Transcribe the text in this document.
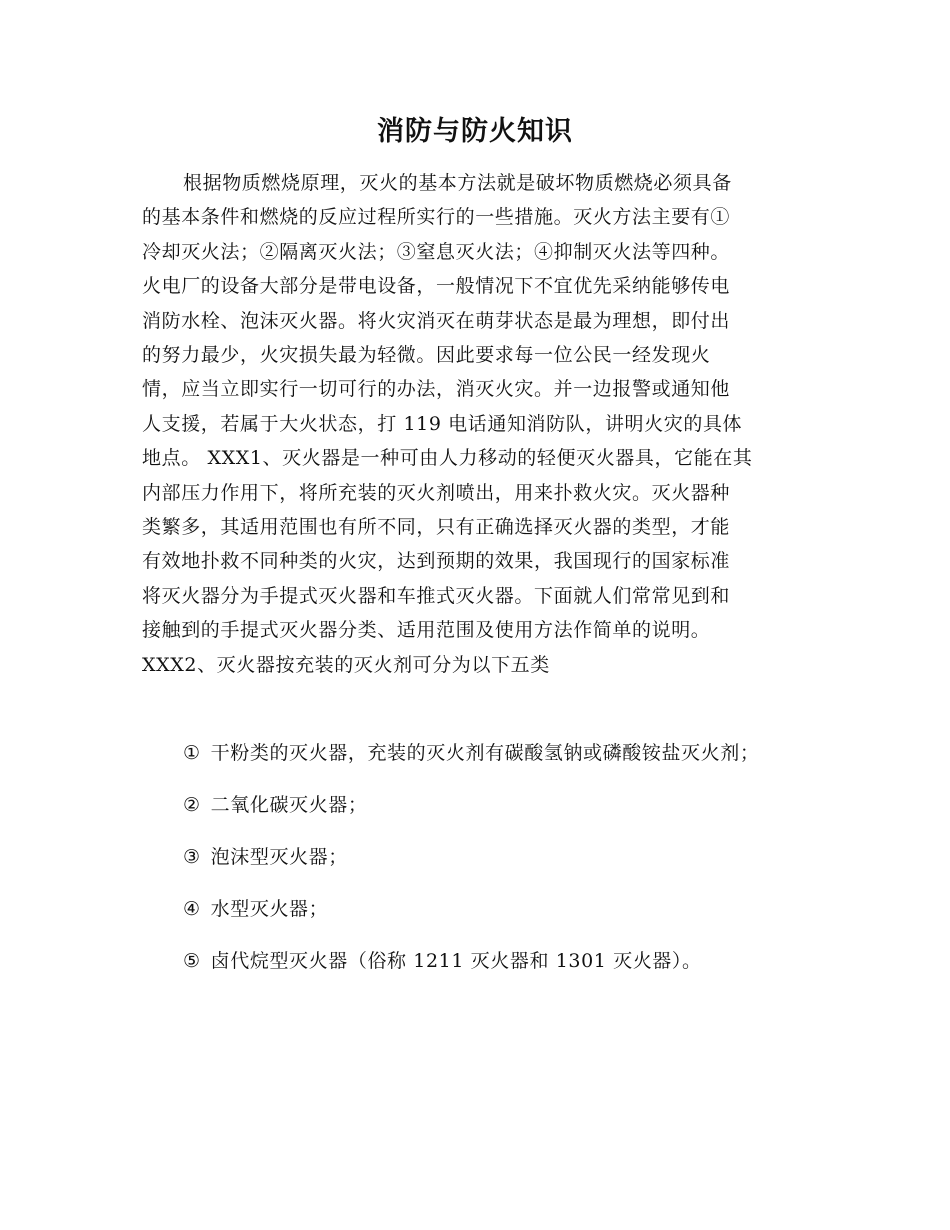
消防与防火知识
根据物质燃烧原理，灭火的基本方法就是破坏物质燃烧必须具备
的基本条件和燃烧的反应过程所实行的一些措施。灭火方法主要有①
冷却灭火法；②隔离灭火法；③窒息灭火法；④抑制灭火法等四种。
火电厂的设备大部分是带电设备，一般情况下不宜优先采纳能够传电
消防水栓、泡沫灭火器。将火灾消灭在萌芽状态是最为理想，即付出
的努力最少，火灾损失最为轻微。因此要求每一位公民一经发现火
情，应当立即实行一切可行的办法，消灭火灾。并一边报警或通知他
人支援，若属于大火状态，打 119 电话通知消防队，讲明火灾的具体
地点。 XXX1、灭火器是一种可由人力移动的轻便灭火器具，它能在其
内部压力作用下，将所充装的灭火剂喷出，用来扑救火灾。灭火器种
类繁多，其适用范围也有所不同，只有正确选择灭火器的类型，才能
有效地扑救不同种类的火灾，达到预期的效果，我国现行的国家标准
将灭火器分为手提式灭火器和车推式灭火器。下面就人们常常见到和
接触到的手提式灭火器分类、适用范围及使用方法作简单的说明。
XXX2、灭火器按充装的灭火剂可分为以下五类
① 干粉类的灭火器，充装的灭火剂有碳酸氢钠或磷酸铵盐灭火剂；
② 二氧化碳灭火器；
③ 泡沫型灭火器；
④ 水型灭火器；
⑤ 卤代烷型灭火器（俗称 1211 灭火器和 1301 灭火器）。
